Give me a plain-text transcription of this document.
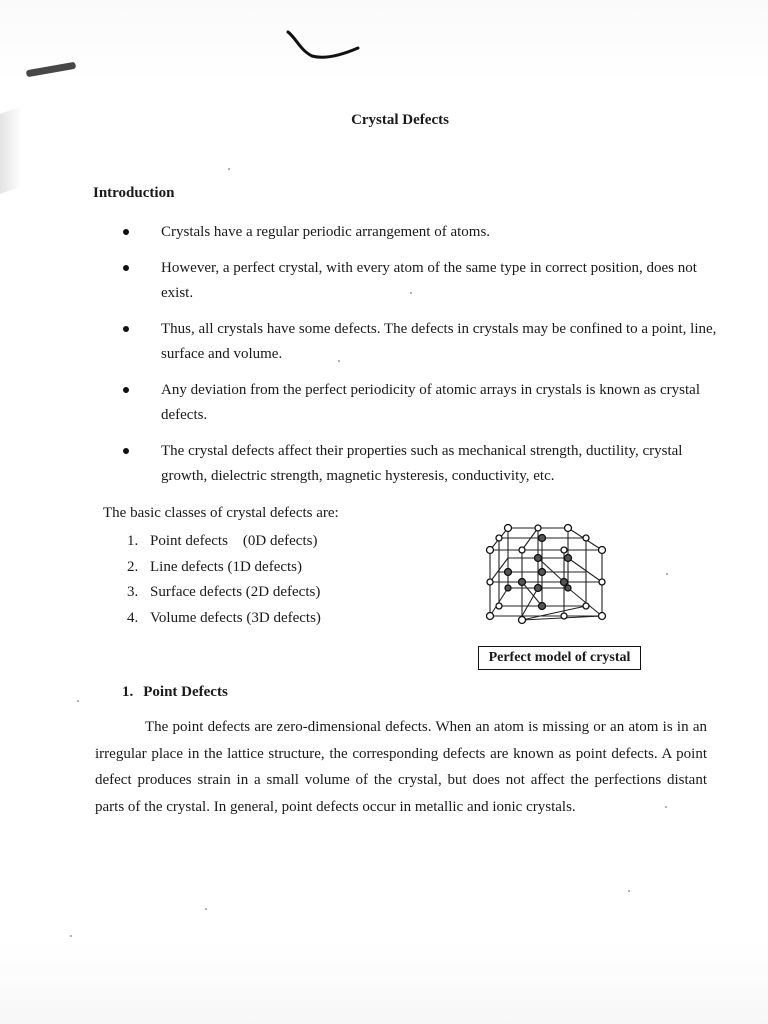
Crystal Defects
Introduction
Crystals have a regular periodic arrangement of atoms.
However, a perfect crystal, with every atom of the same type in correct position, does not exist.
Thus, all crystals have some defects. The defects in crystals may be confined to a point, line, surface and volume.
Any deviation from the perfect periodicity of atomic arrays in crystals is known as crystal defects.
The crystal defects affect their properties such as mechanical strength, ductility, crystal growth, dielectric strength, magnetic hysteresis, conductivity, etc.
The basic classes of crystal defects are:
1. Point defects    (0D defects)
2. Line defects (1D defects)
3. Surface defects (2D defects)
4. Volume defects (3D defects)
Perfect model of crystal
1. Point Defects

The point defects are zero-dimensional defects. When an atom is missing or an atom is in an irregular place in the lattice structure, the corresponding defects are known as point defects. A point defect produces strain in a small volume of the crystal, but does not affect the perfections distant parts of the crystal. In general, point defects occur in metallic and ionic crystals.
